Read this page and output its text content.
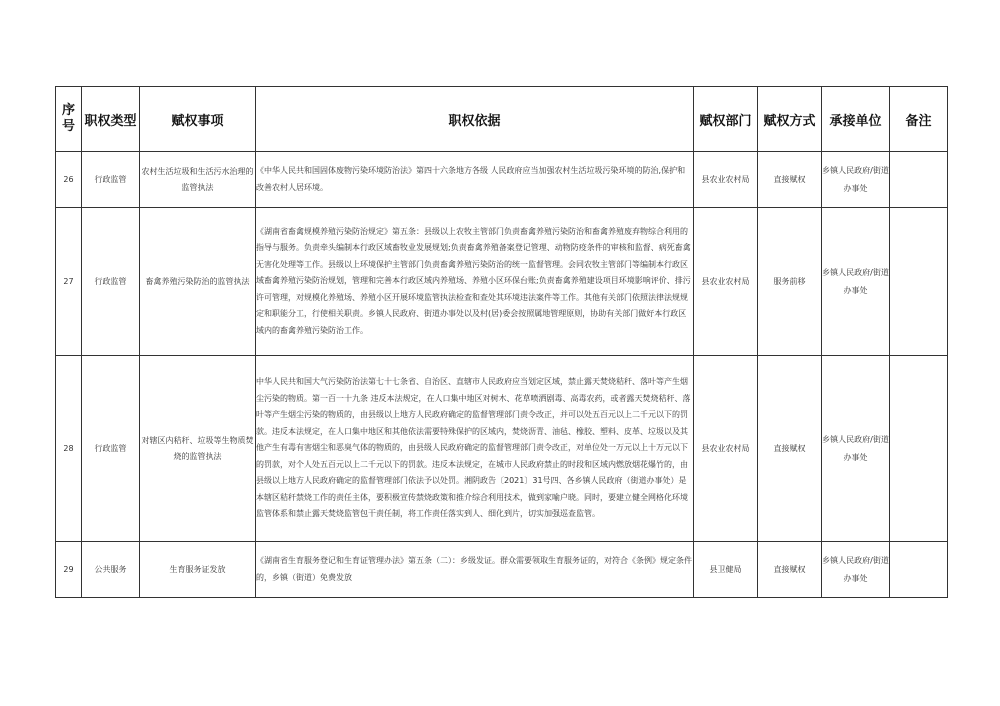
序号	职权类型	赋权事项	职权依据	赋权部门	赋权方式	承接单位	备注
26	行政监管	农村生活垃圾和生活污水治理的监管执法	《中华人民共和国固体废物污染环境防治法》第四十六条地方各级 人民政府应当加强农村生活垃圾污染环境的防治,保护和改善农村人居环境。	县农业农村局	直接赋权	乡镇人民政府/街道办事处	
27	行政监管	畜禽养殖污染防治的监管执法	《湖南省畜禽规模养殖污染防治规定》第五条：县级以上农牧主管部门负责畜禽养殖污染防治和畜禽养殖废弃物综合利用的指导与服务。负责牵头编制本行政区域畜牧业发展规划;负责畜禽养殖备案登记管理、动物防疫条件的审核和监督、病死畜禽无害化处理等工作。县级以上环境保护主管部门负责畜禽养殖污染防治的统一监督管理。会同农牧主管部门等编制本行政区域畜禽养殖污染防治规划，管理和完善本行政区域内养殖场、养殖小区环保台账;负责畜禽养殖建设项目环境影响评价、排污许可管理，对规模化养殖场、养殖小区开展环境监管执法检查和查处其环境违法案件等工作。其他有关部门依照法律法规规定和职能分工，行使相关职责。乡镇人民政府、街道办事处以及村(居)委会按照属地管理原则，协助有关部门做好本行政区域内的畜禽养殖污染防治工作。	县农业农村局	服务前移	乡镇人民政府/街道办事处	
28	行政监管	对辖区内秸秆、垃圾等生物质焚烧的监管执法	中华人民共和国大气污染防治法第七十七条省、自治区、直辖市人民政府应当划定区域，禁止露天焚烧秸秆、落叶等产生烟尘污染的物质。第一百一十九条 违反本法规定，在人口集中地区对树木、花草喷洒剧毒、高毒农药，或者露天焚烧秸秆、落叶等产生烟尘污染的物质的，由县级以上地方人民政府确定的监督管理部门责令改正，并可以处五百元以上二千元以下的罚款。违反本法规定，在人口集中地区和其他依法需要特殊保护的区域内，焚烧沥青、油毡、橡胶、塑料、皮革、垃圾以及其他产生有毒有害烟尘和恶臭气体的物质的，由县级人民政府确定的监督管理部门责令改正，对单位处一万元以上十万元以下的罚款，对个人处五百元以上二千元以下的罚款。违反本法规定，在城市人民政府禁止的时段和区域内燃放烟花爆竹的，由县级以上地方人民政府确定的监督管理部门依法予以处罚。湘阴政告〔2021〕31号四、各乡镇人民政府（街道办事处）是本辖区秸秆禁烧工作的责任主体，要积极宣传禁烧政策和推介综合利用技术，做到家喻户晓。同时，要建立健全网格化环境监管体系和禁止露天焚烧监管包干责任制，将工作责任落实到人、细化到片，切实加强巡查监管。	县农业农村局	直接赋权	乡镇人民政府/街道办事处	
29	公共服务	生育服务证发放	《湖南省生育服务登记和生育证管理办法》第五条（二）：乡级发证。群众需要领取生育服务证的，对符合《条例》规定条件的，乡镇（街道）免费发放	县卫健局	直接赋权	乡镇人民政府/街道办事处	
